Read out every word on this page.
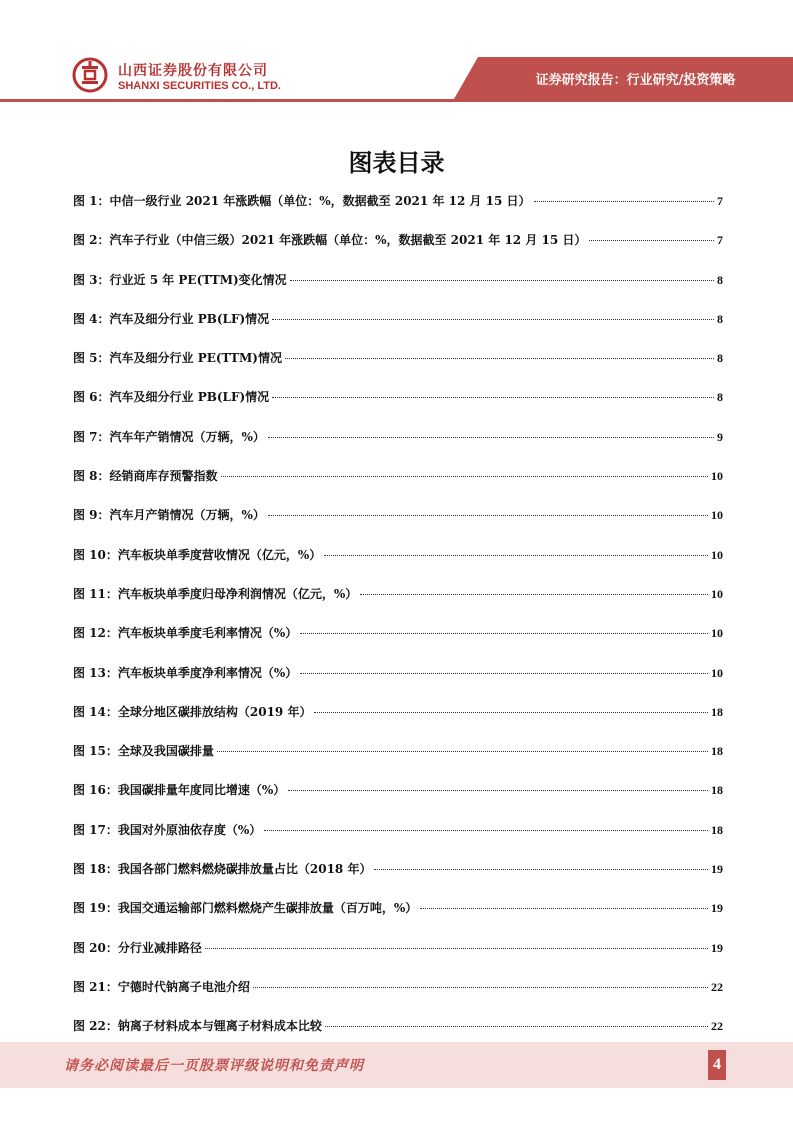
山西证券股份有限公司
SHANXI SECURITIES CO., LTD.	证券研究报告：行业研究/投资策略
图表目录
图 1：中信一级行业 2021 年涨跌幅（单位：%，数据截至 2021 年 12 月 15 日）	7
图 2：汽车子行业（中信三级）2021 年涨跌幅（单位：%，数据截至 2021 年 12 月 15 日）	7
图 3：行业近 5 年 PE(TTM)变化情况	8
图 4：汽车及细分行业 PB(LF)情况	8
图 5：汽车及细分行业 PE(TTM)情况	8
图 6：汽车及细分行业 PB(LF)情况	8
图 7：汽车年产销情况（万辆，%）	9
图 8：经销商库存预警指数	10
图 9：汽车月产销情况（万辆，%）	10
图 10：汽车板块单季度营收情况（亿元，%）	10
图 11：汽车板块单季度归母净利润情况（亿元，%）	10
图 12：汽车板块单季度毛利率情况（%）	10
图 13：汽车板块单季度净利率情况（%）	10
图 14：全球分地区碳排放结构（2019 年）	18
图 15：全球及我国碳排量	18
图 16：我国碳排量年度同比增速（%）	18
图 17：我国对外原油依存度（%）	18
图 18：我国各部门燃料燃烧碳排放量占比（2018 年）	19
图 19：我国交通运输部门燃料燃烧产生碳排放量（百万吨，%）	19
图 20：分行业减排路径	19
图 21：宁德时代钠离子电池介绍	22
图 22：钠离子材料成本与锂离子材料成本比较	22
请务必阅读最后一页股票评级说明和免责声明	4
